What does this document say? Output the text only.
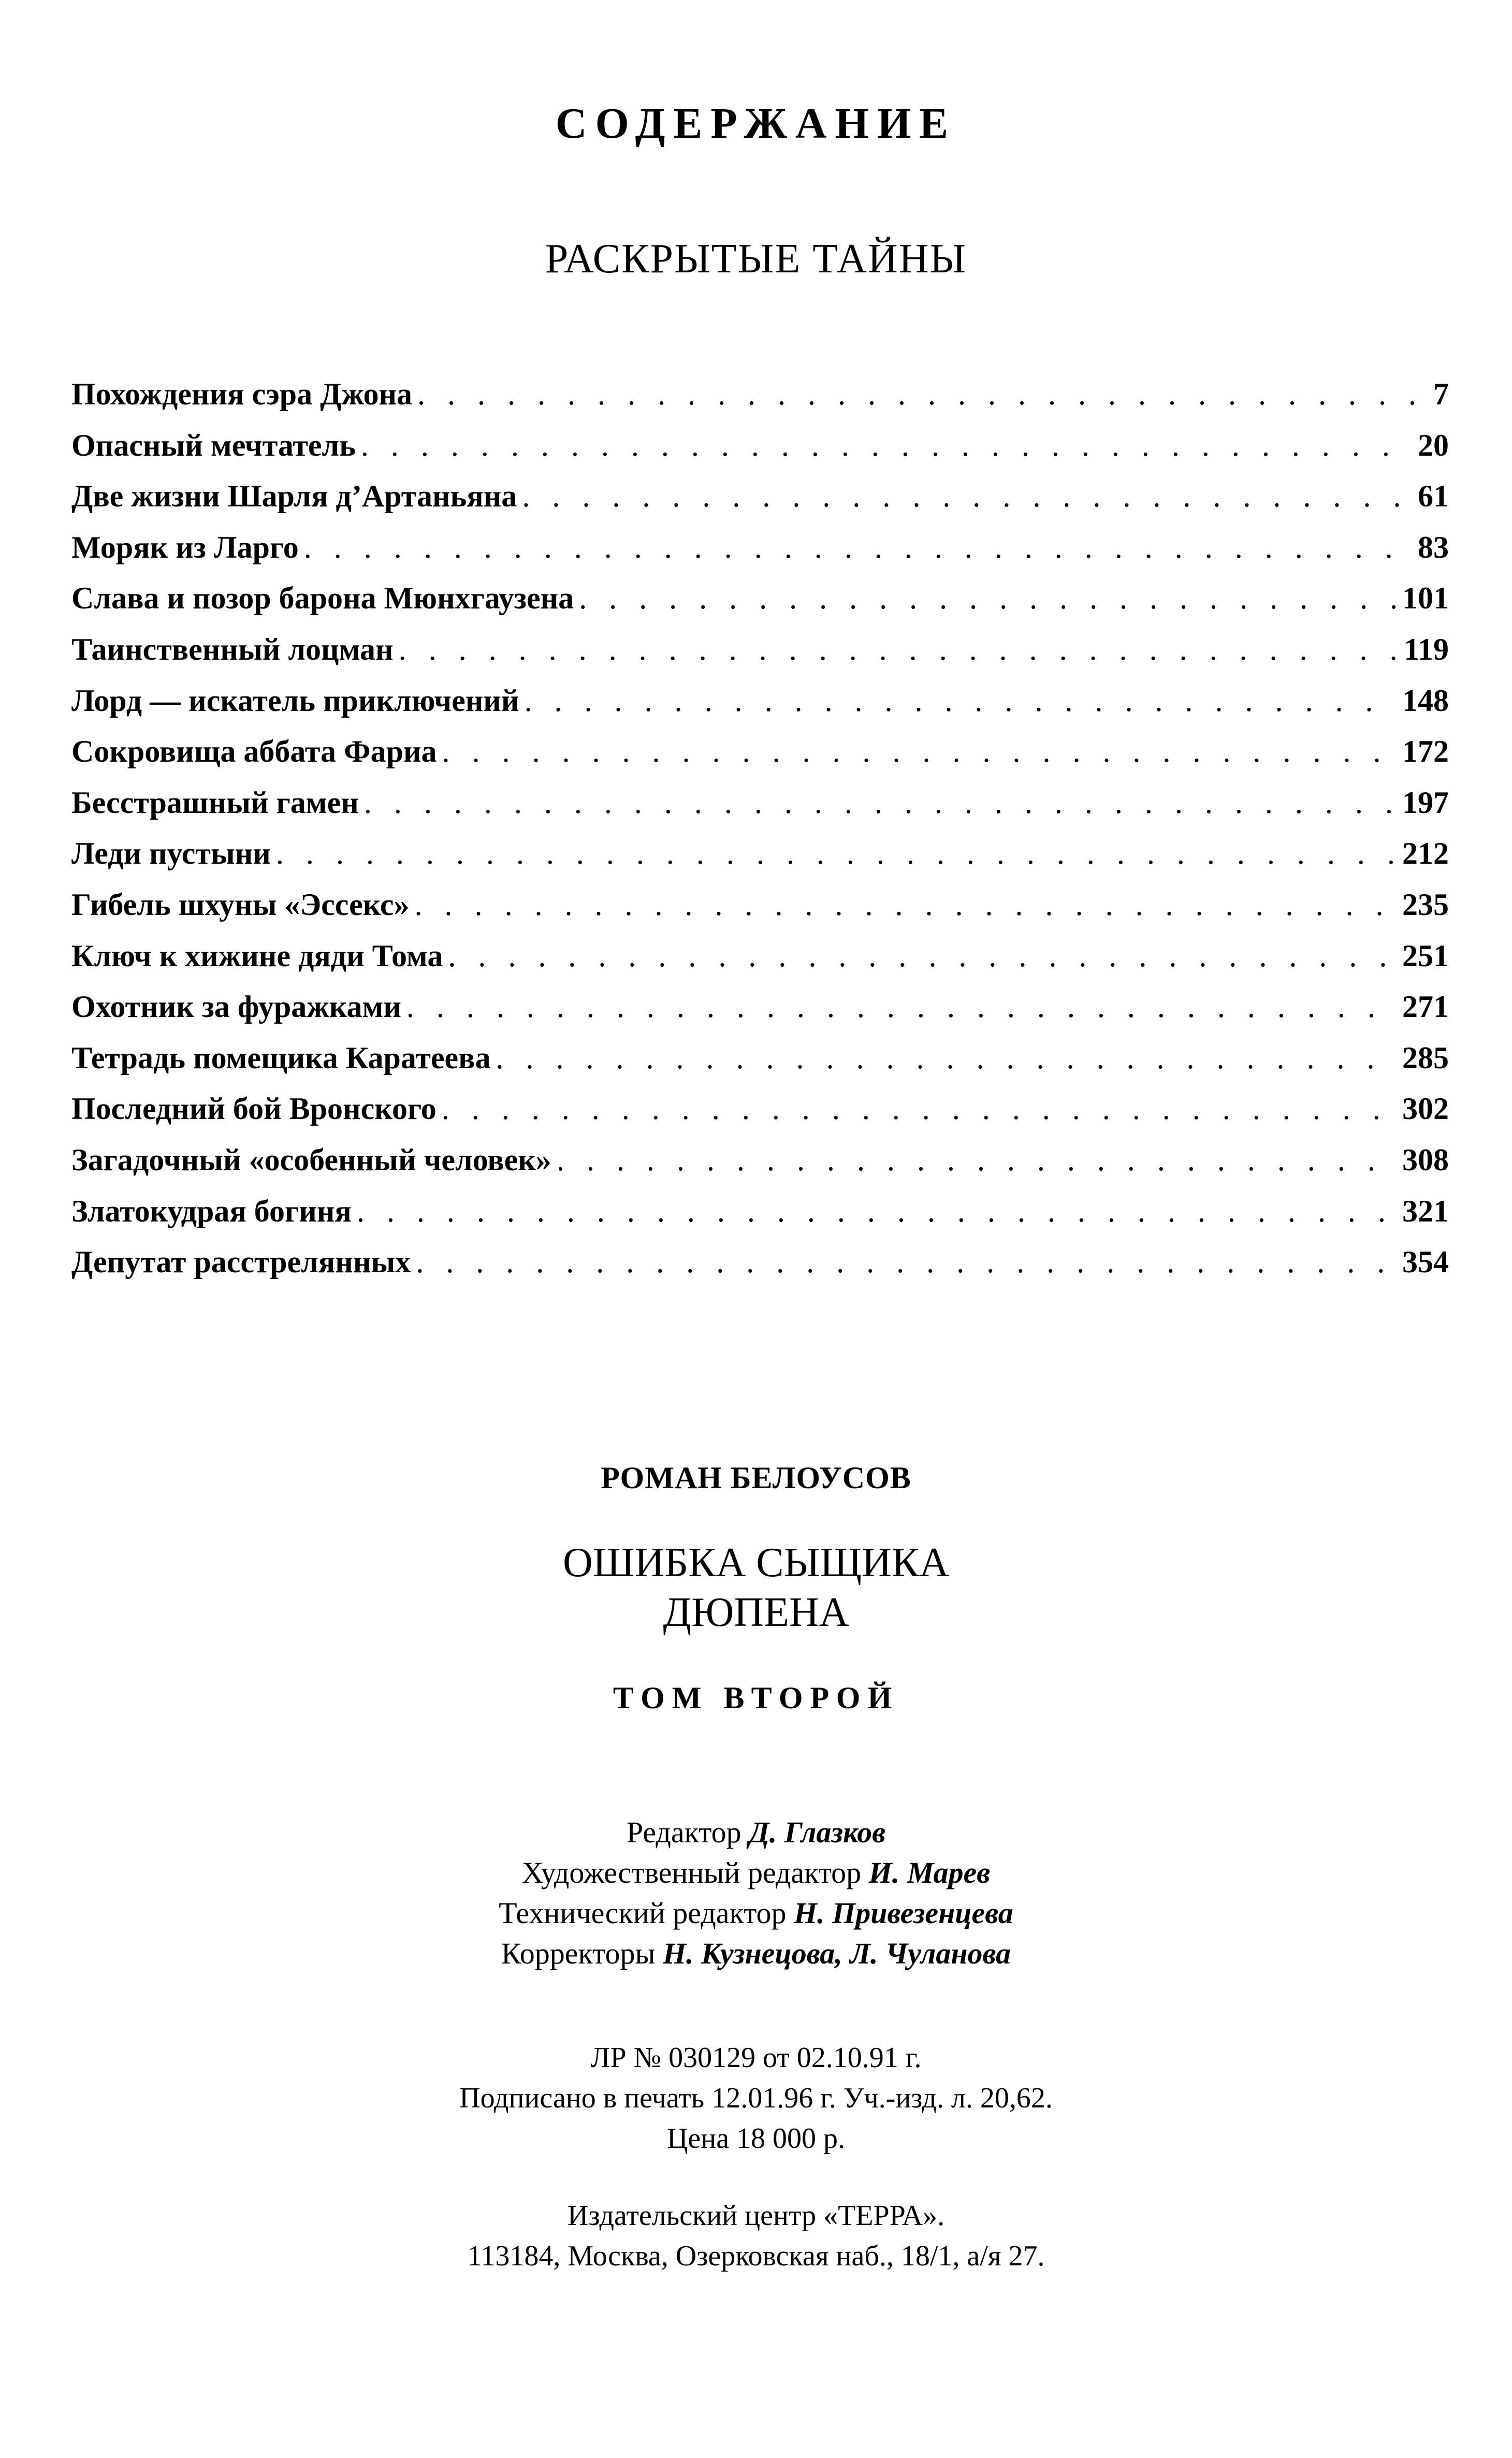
СОДЕРЖАНИЕ
РАСКРЫТЫЕ ТАЙНЫ
Похождения сэра Джона . . .	7
Опасный мечтатель . . .	20
Две жизни Шарля д’Артаньяна . . .	61
Моряк из Ларго . . .	83
Слава и позор барона Мюнхгаузена . . .	101
Таинственный лоцман . . .	119
Лорд — искатель приключений . . .	148
Сокровища аббата Фариа . . .	172
Бесстрашный гамен . . .	197
Леди пустыни . . .	212
Гибель шхуны «Эссекс» . . .	235
Ключ к хижине дяди Тома . . .	251
Охотник за фуражками . . .	271
Тетрадь помещика Каратеева . . .	285
Последний бой Вронского . . .	302
Загадочный «особенный человек» . . .	308
Златокудрая богиня . . .	321
Депутат расстрелянных . . .	354
РОМАН БЕЛОУСОВ
ОШИБКА СЫЩИКА
ДЮПЕНА
ТОМ ВТОРОЙ
Редактор Д. Глазков
Художественный редактор И. Марев
Технический редактор Н. Привезенцева
Корректоры Н. Кузнецова, Л. Чуланова
ЛР № 030129 от 02.10.91 г.
Подписано в печать 12.01.96 г. Уч.-изд. л. 20,62.
Цена 18 000 р.
Издательский центр «ТЕРРА».
113184, Москва, Озерковская наб., 18/1, а/я 27.
